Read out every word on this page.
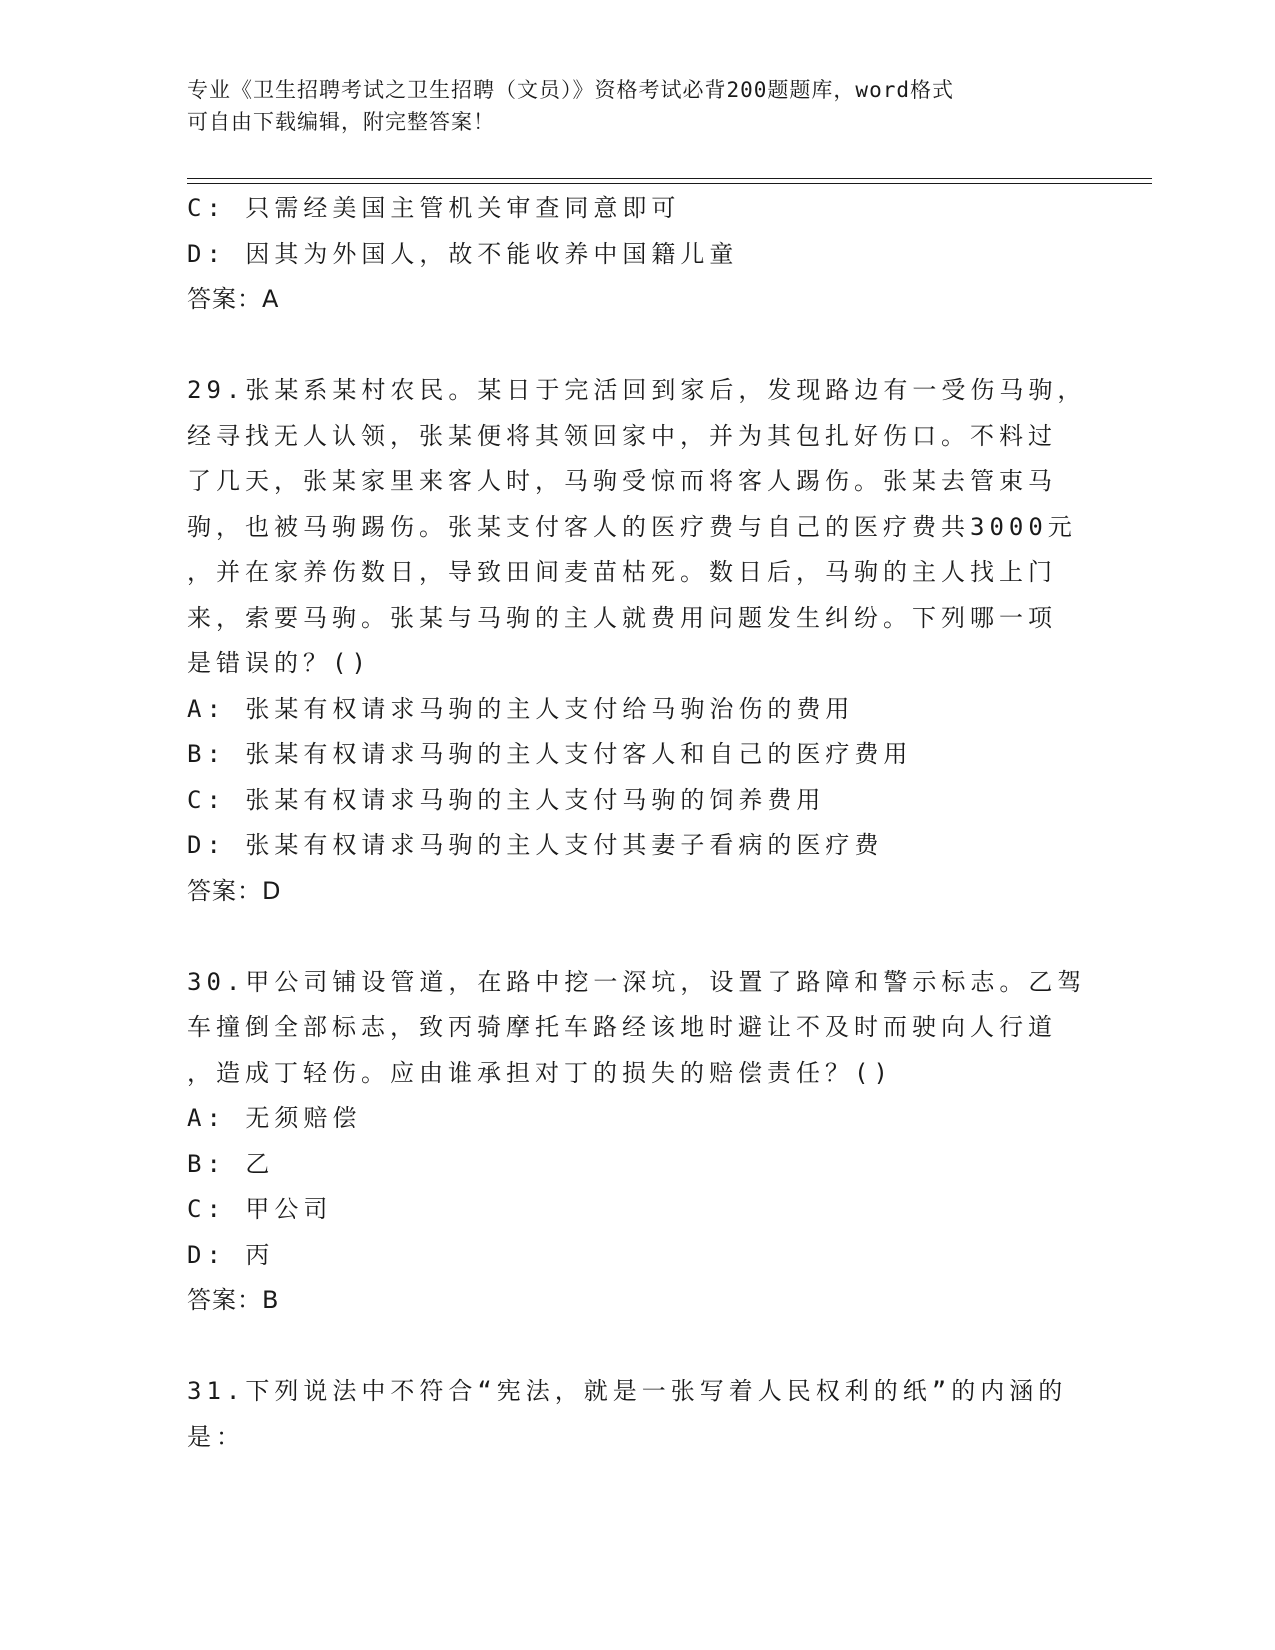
专业《卫生招聘考试之卫生招聘（文员）》资格考试必背200题题库，word格式
可自由下载编辑，附完整答案！
C: 只需经美国主管机关审查同意即可
D: 因其为外国人，故不能收养中国籍儿童
答案：A
29.张某系某村农民。某日于完活回到家后，发现路边有一受伤马驹，
经寻找无人认领，张某便将其领回家中，并为其包扎好伤口。不料过
了几天，张某家里来客人时，马驹受惊而将客人踢伤。张某去管束马
驹，也被马驹踢伤。张某支付客人的医疗费与自己的医疗费共3000元
，并在家养伤数日，导致田间麦苗枯死。数日后，马驹的主人找上门
来，索要马驹。张某与马驹的主人就费用问题发生纠纷。下列哪一项
是错误的？()
A: 张某有权请求马驹的主人支付给马驹治伤的费用
B: 张某有权请求马驹的主人支付客人和自己的医疗费用
C: 张某有权请求马驹的主人支付马驹的饲养费用
D: 张某有权请求马驹的主人支付其妻子看病的医疗费
答案：D
30.甲公司铺设管道，在路中挖一深坑，设置了路障和警示标志。乙驾
车撞倒全部标志，致丙骑摩托车路经该地时避让不及时而驶向人行道
，造成丁轻伤。应由谁承担对丁的损失的赔偿责任？()
A: 无须赔偿
B: 乙
C: 甲公司
D: 丙
答案：B
31.下列说法中不符合“宪法，就是一张写着人民权利的纸”的内涵的
是：
